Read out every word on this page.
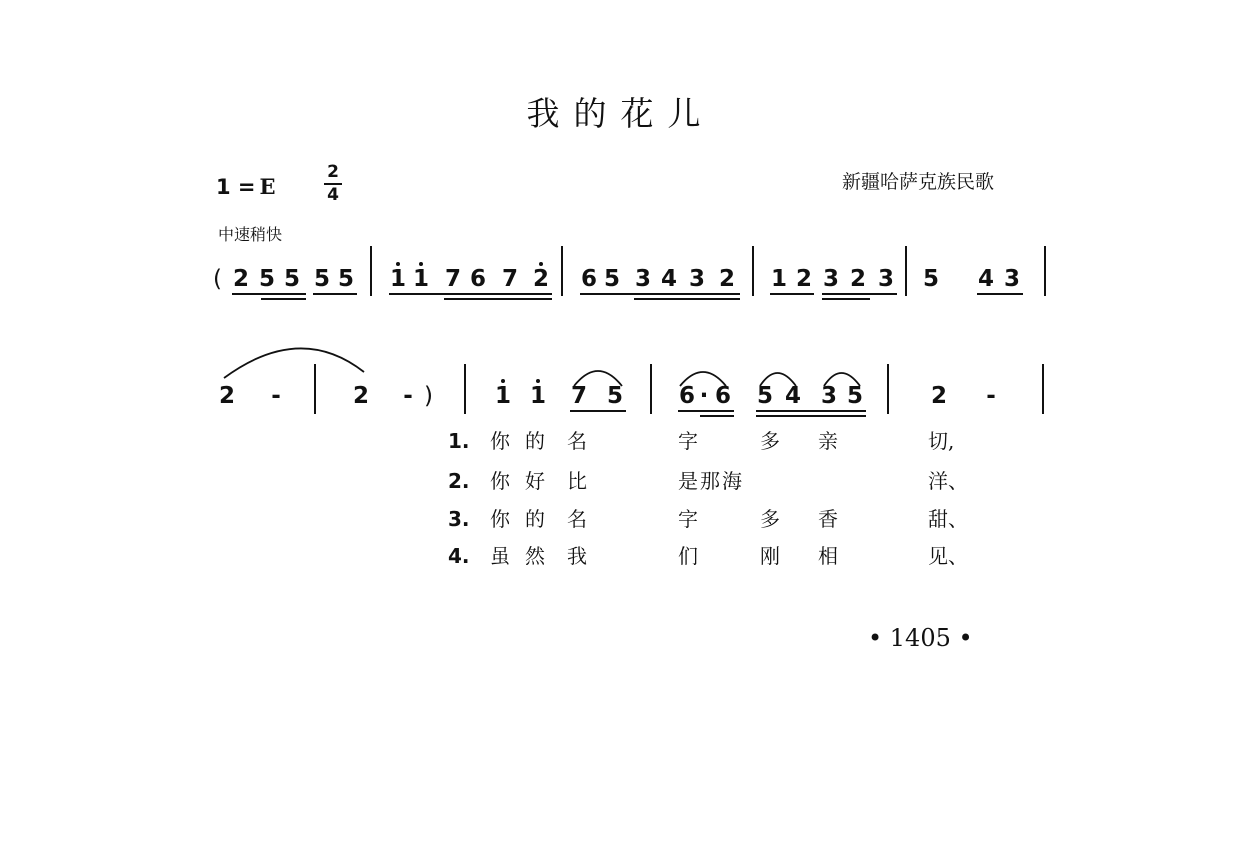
我的花儿
1 = E
2
4
新疆哈萨克族民歌
中速稍快
( 2 5 5 5 5 1 1 7 6 7 2 6 5 3 4 3 2 1 2 3 2 3 5 4 3
2 -	2 - )	1 1 7 5 6 · 6 5 4 3 5	2 -
1. 你 的 名	字	多 亲	切,
2. 你 好 比	是那海	洋、
3. 你 的 名	字	多 香	甜、
4. 虽 然 我	们	刚 相	见、
• 1405 •
